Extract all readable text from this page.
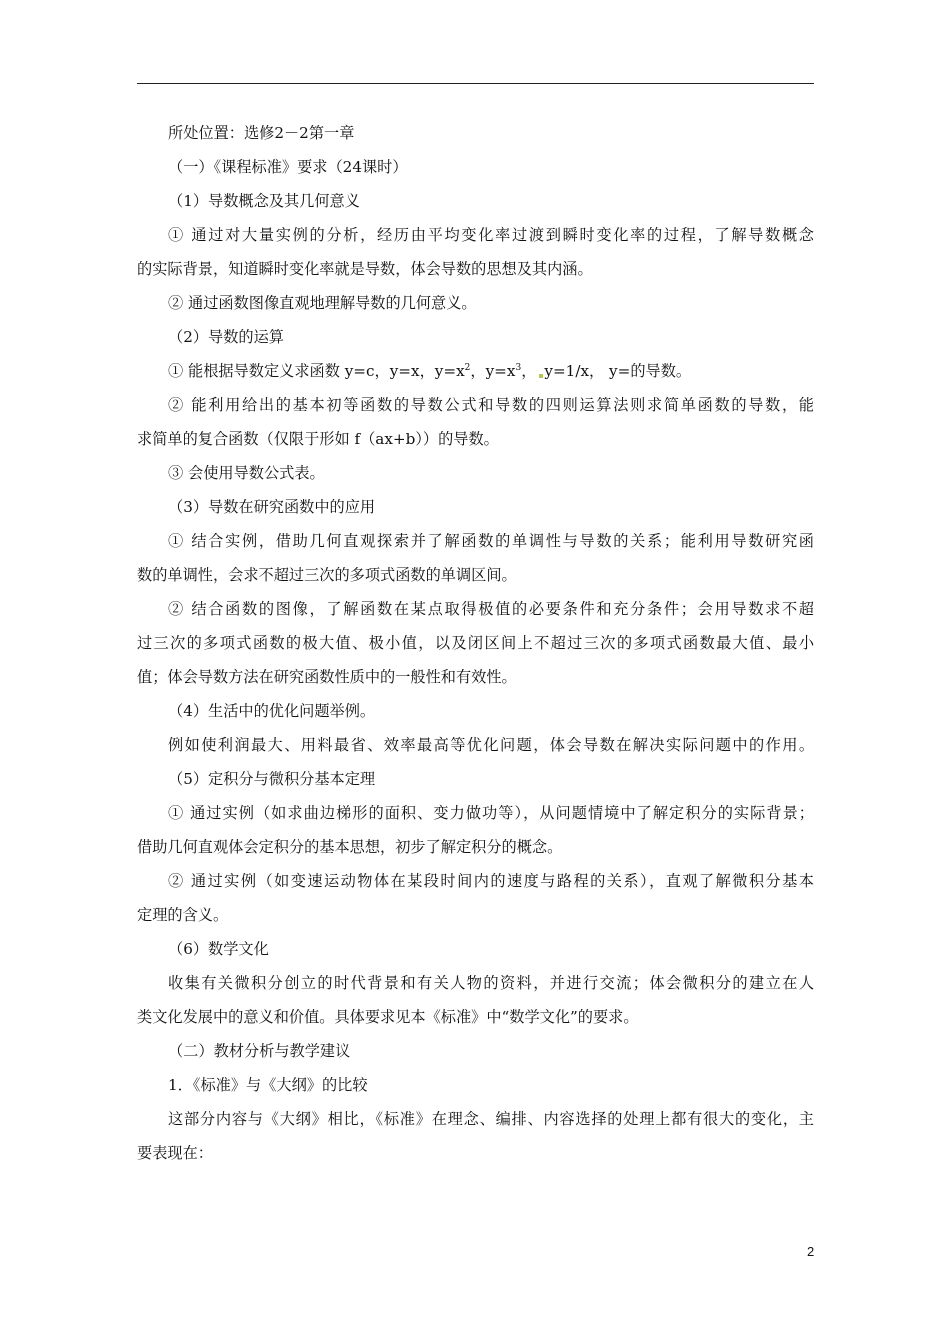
所处位置：选修2－2第一章
（一）《课程标准》要求（24课时）
（1）导数概念及其几何意义
① 通过对大量实例的分析，经历由平均变化率过渡到瞬时变化率的过程，了解导数概念
的实际背景，知道瞬时变化率就是导数，体会导数的思想及其内涵。
② 通过函数图像直观地理解导数的几何意义。
（2）导数的运算
① 能根据导数定义求函数 y=c，y=x，$y=x^2$，$y=x^3$， y=1/x， y=的导数。
② 能利用给出的基本初等函数的导数公式和导数的四则运算法则求简单函数的导数，能
求简单的复合函数（仅限于形如 f（ax+b））的导数。
③ 会使用导数公式表。
（3）导数在研究函数中的应用
① 结合实例，借助几何直观探索并了解函数的单调性与导数的关系；能利用导数研究函
数的单调性，会求不超过三次的多项式函数的单调区间。
② 结合函数的图像，了解函数在某点取得极值的必要条件和充分条件；会用导数求不超
过三次的多项式函数的极大值、极小值，以及闭区间上不超过三次的多项式函数最大值、最小
值；体会导数方法在研究函数性质中的一般性和有效性。
（4）生活中的优化问题举例。
例如使利润最大、用料最省、效率最高等优化问题，体会导数在解决实际问题中的作用。
（5）定积分与微积分基本定理
① 通过实例（如求曲边梯形的面积、变力做功等），从问题情境中了解定积分的实际背景；
借助几何直观体会定积分的基本思想，初步了解定积分的概念。
② 通过实例（如变速运动物体在某段时间内的速度与路程的关系），直观了解微积分基本
定理的含义。
（6）数学文化
收集有关微积分创立的时代背景和有关人物的资料，并进行交流；体会微积分的建立在人
类文化发展中的意义和价值。具体要求见本《标准》中“数学文化”的要求。
（二）教材分析与教学建议
1．《标准》与《大纲》的比较
这部分内容与《大纲》相比，《标准》在理念、编排、内容选择的处理上都有很大的变化，主
要表现在：
2
